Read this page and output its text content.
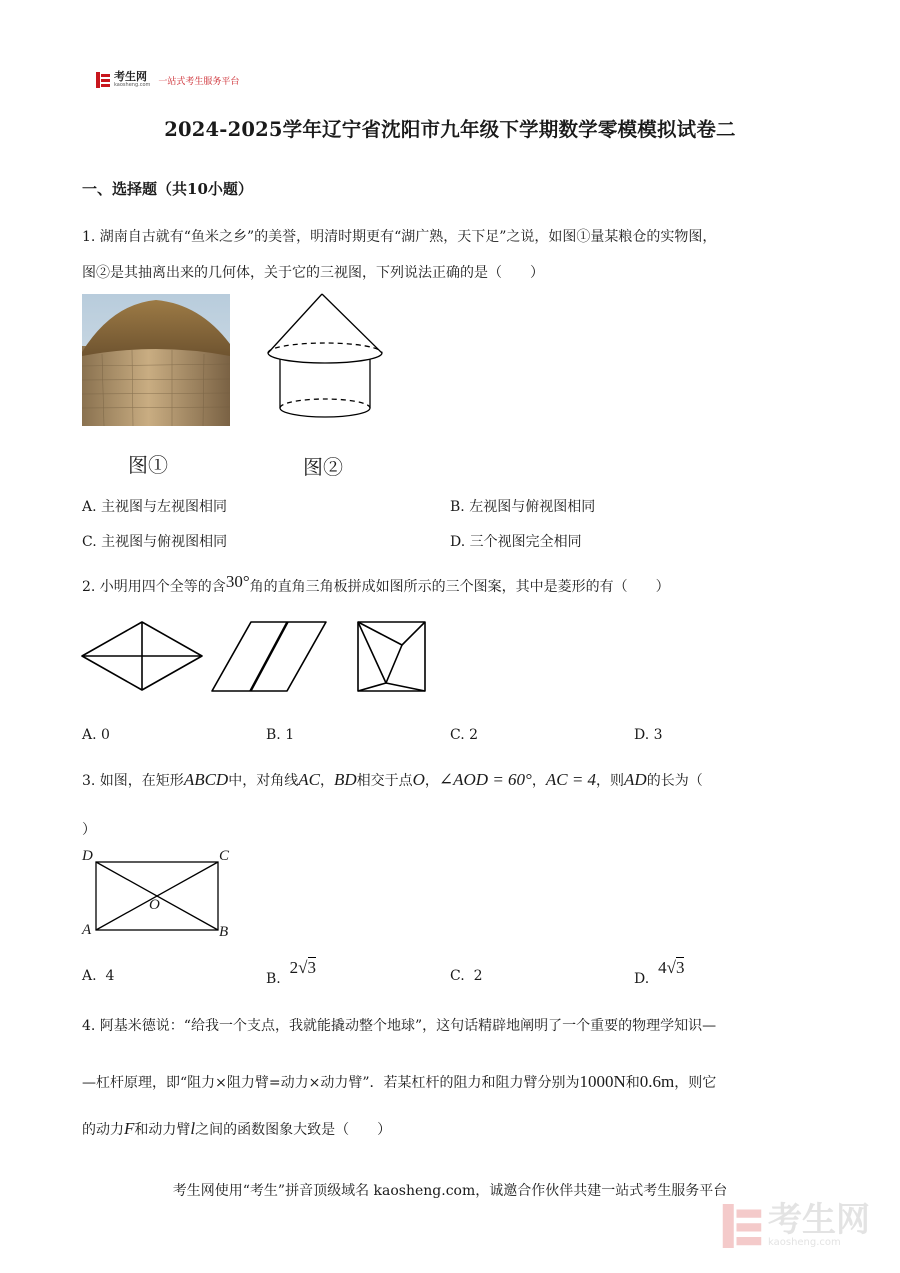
考生网
kaosheng.com 一站式考生服务平台
2024-2025学年辽宁省沈阳市九年级下学期数学零模模拟试卷二
一、选择题（共10小题）
1. 湖南自古就有“鱼米之乡”的美誉，明清时期更有“湖广熟，天下足”之说，如图①量某粮仓的实物图，
图②是其抽离出来的几何体，关于它的三视图，下列说法正确的是（　　）
图①	图②
A. 主视图与左视图相同	B. 左视图与俯视图相同
C. 主视图与俯视图相同	D. 三个视图完全相同
2. 小明用四个全等的含30°角的直角三角板拼成如图所示的三个图案，其中是菱形的有（　　）
A. 0	B. 1	C. 2	D. 3
3. 如图，在矩形ABCD中，对角线AC，BD相交于点O，∠AOD = 60°，AC = 4，则AD的长为（
）
D	C
O
A	B
A. 4	B.  2√3	C. 2	D.  4√3
4. 阿基米德说：“给我一个支点，我就能撬动整个地球”，这句话精辟地阐明了一个重要的物理学知识—
—杠杆原理，即“阻力×阻力臂=动力×动力臂”．若某杠杆的阻力和阻力臂分别为1000N和0.6m，则它
的动力F和动力臂l之间的函数图象大致是（　　）
考生网使用“考生”拼音顶级域名 kaosheng.com，诚邀合作伙伴共建一站式考生服务平台
考生网
kaosheng.com
